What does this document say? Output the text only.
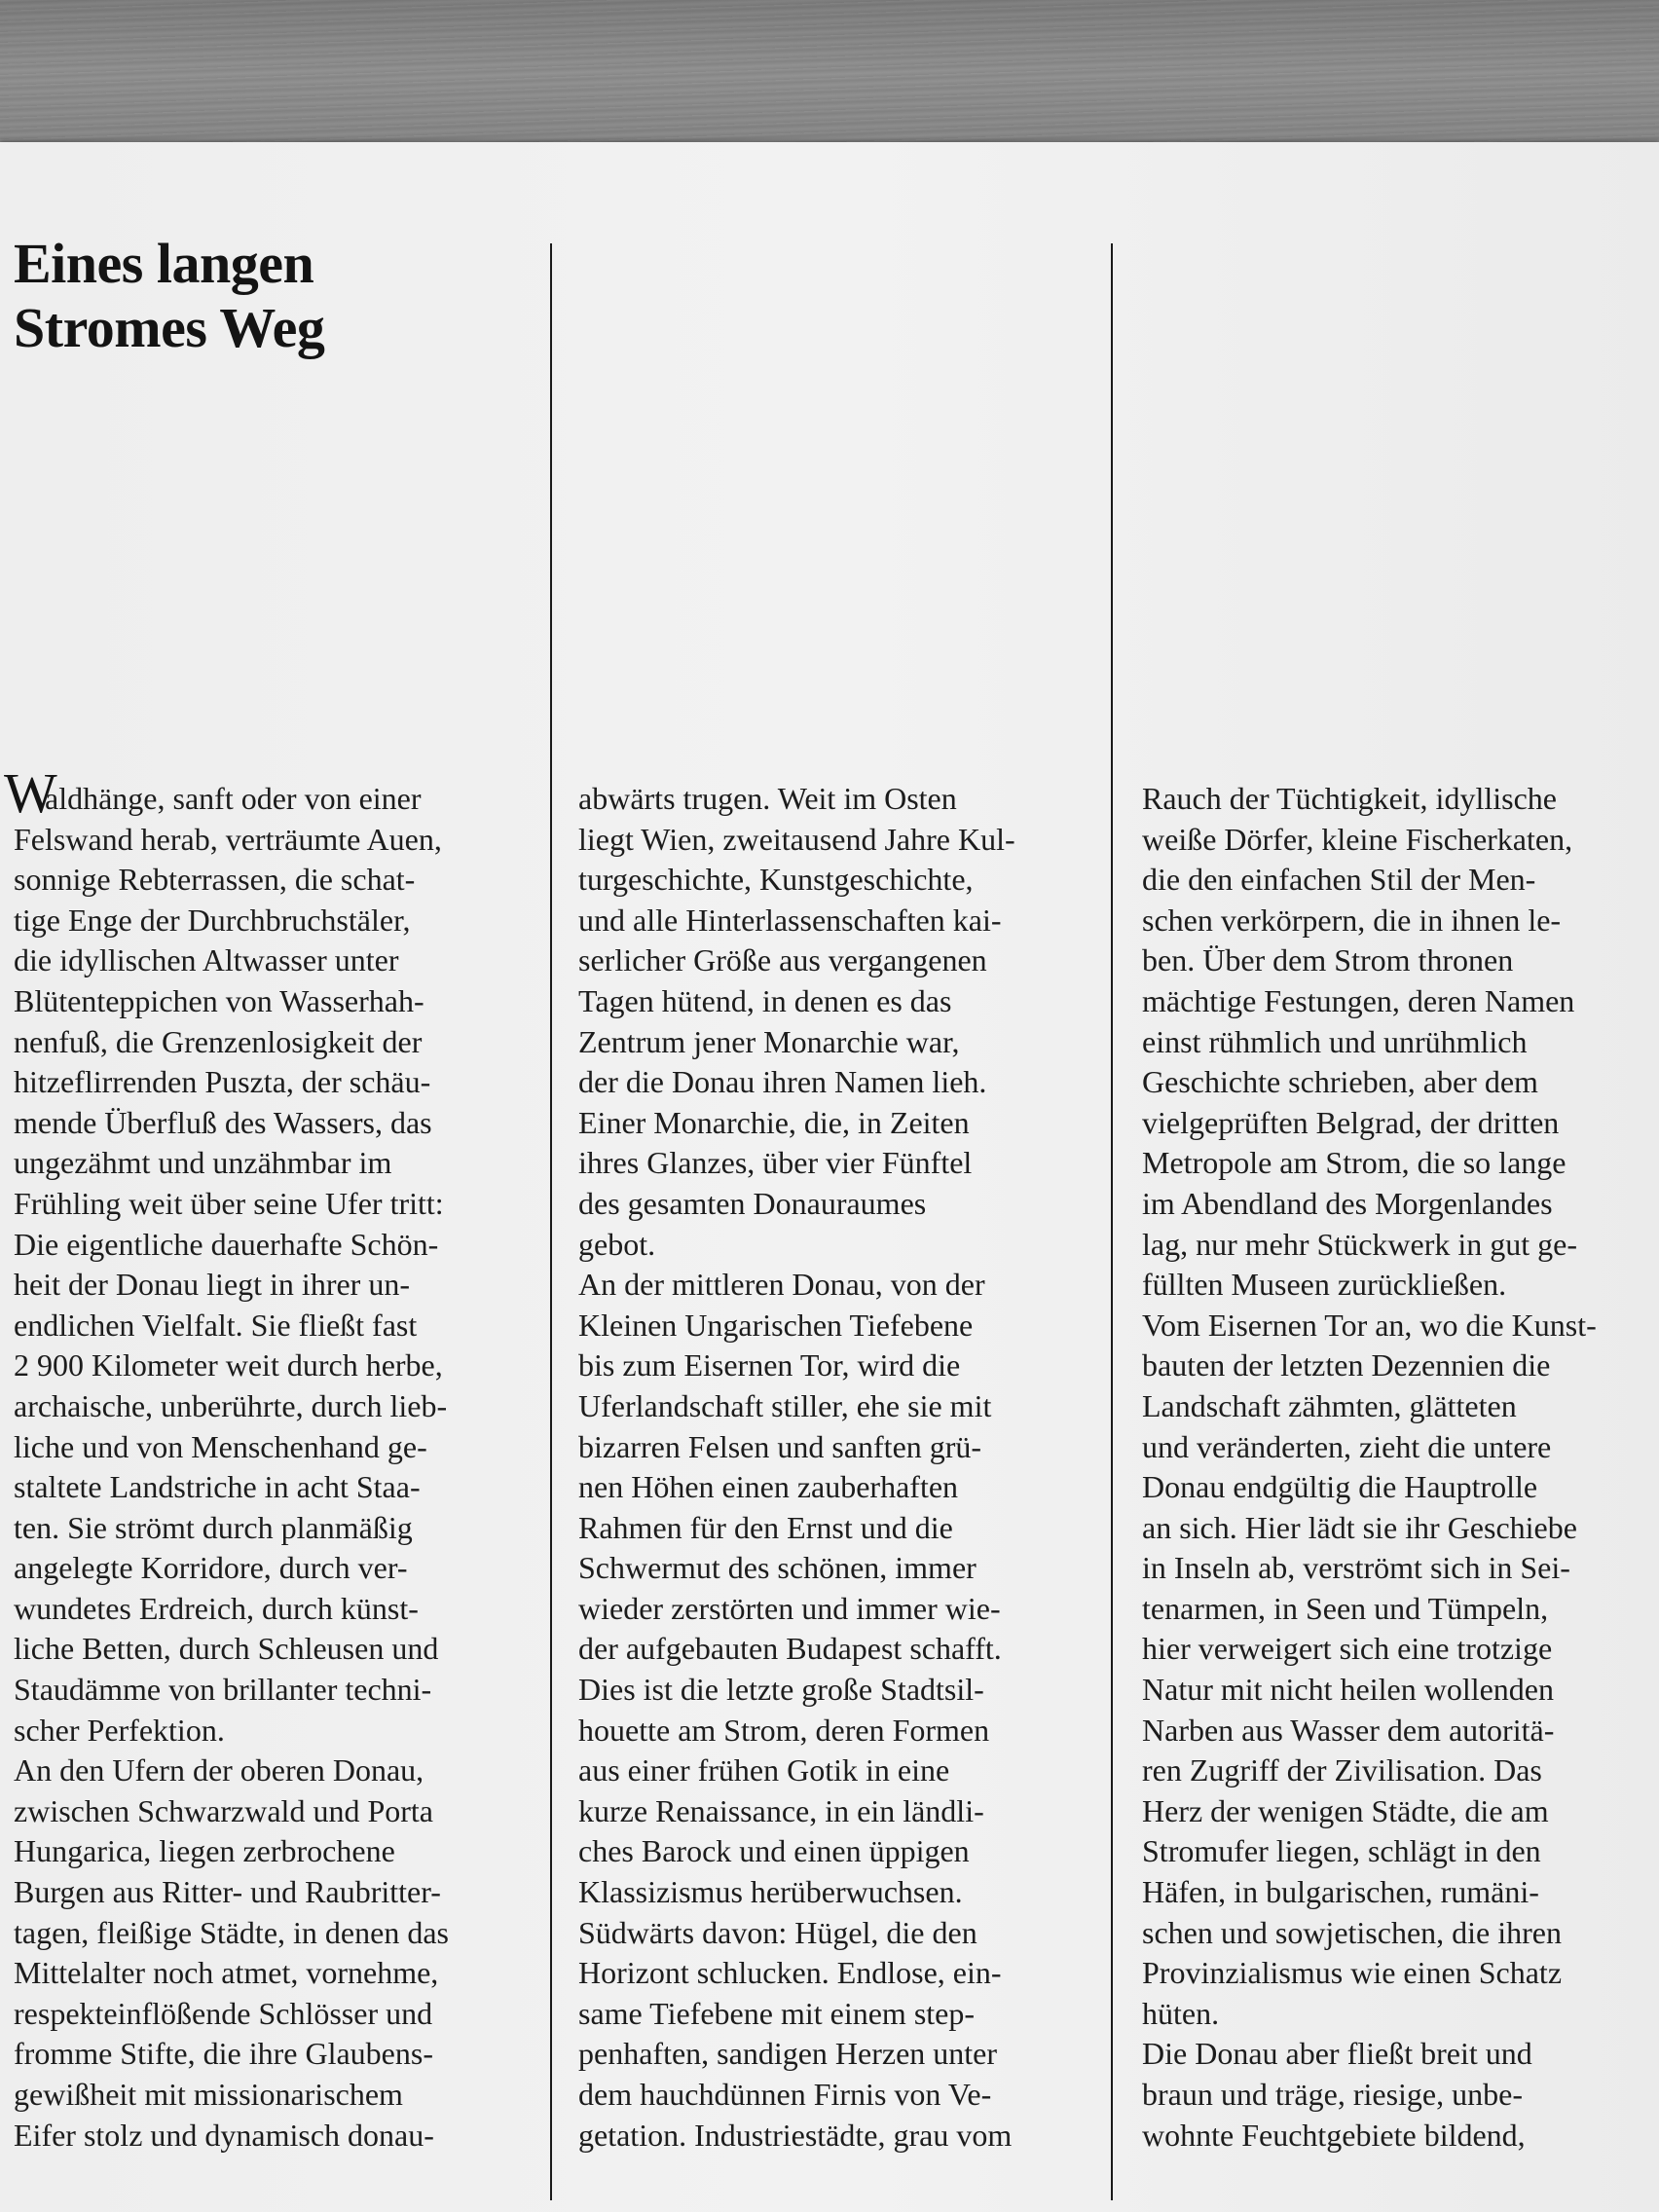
Eines langen
Stromes Weg
W
aldhänge, sanft oder von einer
Felswand herab, verträumte Auen,
sonnige Rebterrassen, die schat-
tige Enge der Durchbruchstäler,
die idyllischen Altwasser unter
Blütenteppichen von Wasserhah-
nenfuß, die Grenzenlosigkeit der
hitzeflirrenden Puszta, der schäu-
mende Überfluß des Wassers, das
ungezähmt und unzähmbar im
Frühling weit über seine Ufer tritt:
Die eigentliche dauerhafte Schön-
heit der Donau liegt in ihrer un-
endlichen Vielfalt. Sie fließt fast
2 900 Kilometer weit durch herbe,
archaische, unberührte, durch lieb-
liche und von Menschenhand ge-
staltete Landstriche in acht Staa-
ten. Sie strömt durch planmäßig
angelegte Korridore, durch ver-
wundetes Erdreich, durch künst-
liche Betten, durch Schleusen und
Staudämme von brillanter techni-
scher Perfektion.
An den Ufern der oberen Donau,
zwischen Schwarzwald und Porta
Hungarica, liegen zerbrochene
Burgen aus Ritter- und Raubritter-
tagen, fleißige Städte, in denen das
Mittelalter noch atmet, vornehme,
respekteinflößende Schlösser und
fromme Stifte, die ihre Glaubens-
gewißheit mit missionarischem
Eifer stolz und dynamisch donau-
abwärts trugen. Weit im Osten
liegt Wien, zweitausend Jahre Kul-
turgeschichte, Kunstgeschichte,
und alle Hinterlassenschaften kai-
serlicher Größe aus vergangenen
Tagen hütend, in denen es das
Zentrum jener Monarchie war,
der die Donau ihren Namen lieh.
Einer Monarchie, die, in Zeiten
ihres Glanzes, über vier Fünftel
des gesamten Donauraumes
gebot.
An der mittleren Donau, von der
Kleinen Ungarischen Tiefebene
bis zum Eisernen Tor, wird die
Uferlandschaft stiller, ehe sie mit
bizarren Felsen und sanften grü-
nen Höhen einen zauberhaften
Rahmen für den Ernst und die
Schwermut des schönen, immer
wieder zerstörten und immer wie-
der aufgebauten Budapest schafft.
Dies ist die letzte große Stadtsil-
houette am Strom, deren Formen
aus einer frühen Gotik in eine
kurze Renaissance, in ein ländli-
ches Barock und einen üppigen
Klassizismus herüberwuchsen.
Südwärts davon: Hügel, die den
Horizont schlucken. Endlose, ein-
same Tiefebene mit einem step-
penhaften, sandigen Herzen unter
dem hauchdünnen Firnis von Ve-
getation. Industriestädte, grau vom
Rauch der Tüchtigkeit, idyllische
weiße Dörfer, kleine Fischerkaten,
die den einfachen Stil der Men-
schen verkörpern, die in ihnen le-
ben. Über dem Strom thronen
mächtige Festungen, deren Namen
einst rühmlich und unrühmlich
Geschichte schrieben, aber dem
vielgeprüften Belgrad, der dritten
Metropole am Strom, die so lange
im Abendland des Morgenlandes
lag, nur mehr Stückwerk in gut ge-
füllten Museen zurückließen.
Vom Eisernen Tor an, wo die Kunst-
bauten der letzten Dezennien die
Landschaft zähmten, glätteten
und veränderten, zieht die untere
Donau endgültig die Hauptrolle
an sich. Hier lädt sie ihr Geschiebe
in Inseln ab, verströmt sich in Sei-
tenarmen, in Seen und Tümpeln,
hier verweigert sich eine trotzige
Natur mit nicht heilen wollenden
Narben aus Wasser dem autoritä-
ren Zugriff der Zivilisation. Das
Herz der wenigen Städte, die am
Stromufer liegen, schlägt in den
Häfen, in bulgarischen, rumäni-
schen und sowjetischen, die ihren
Provinzialismus wie einen Schatz
hüten.
Die Donau aber fließt breit und
braun und träge, riesige, unbe-
wohnte Feuchtgebiete bildend,
